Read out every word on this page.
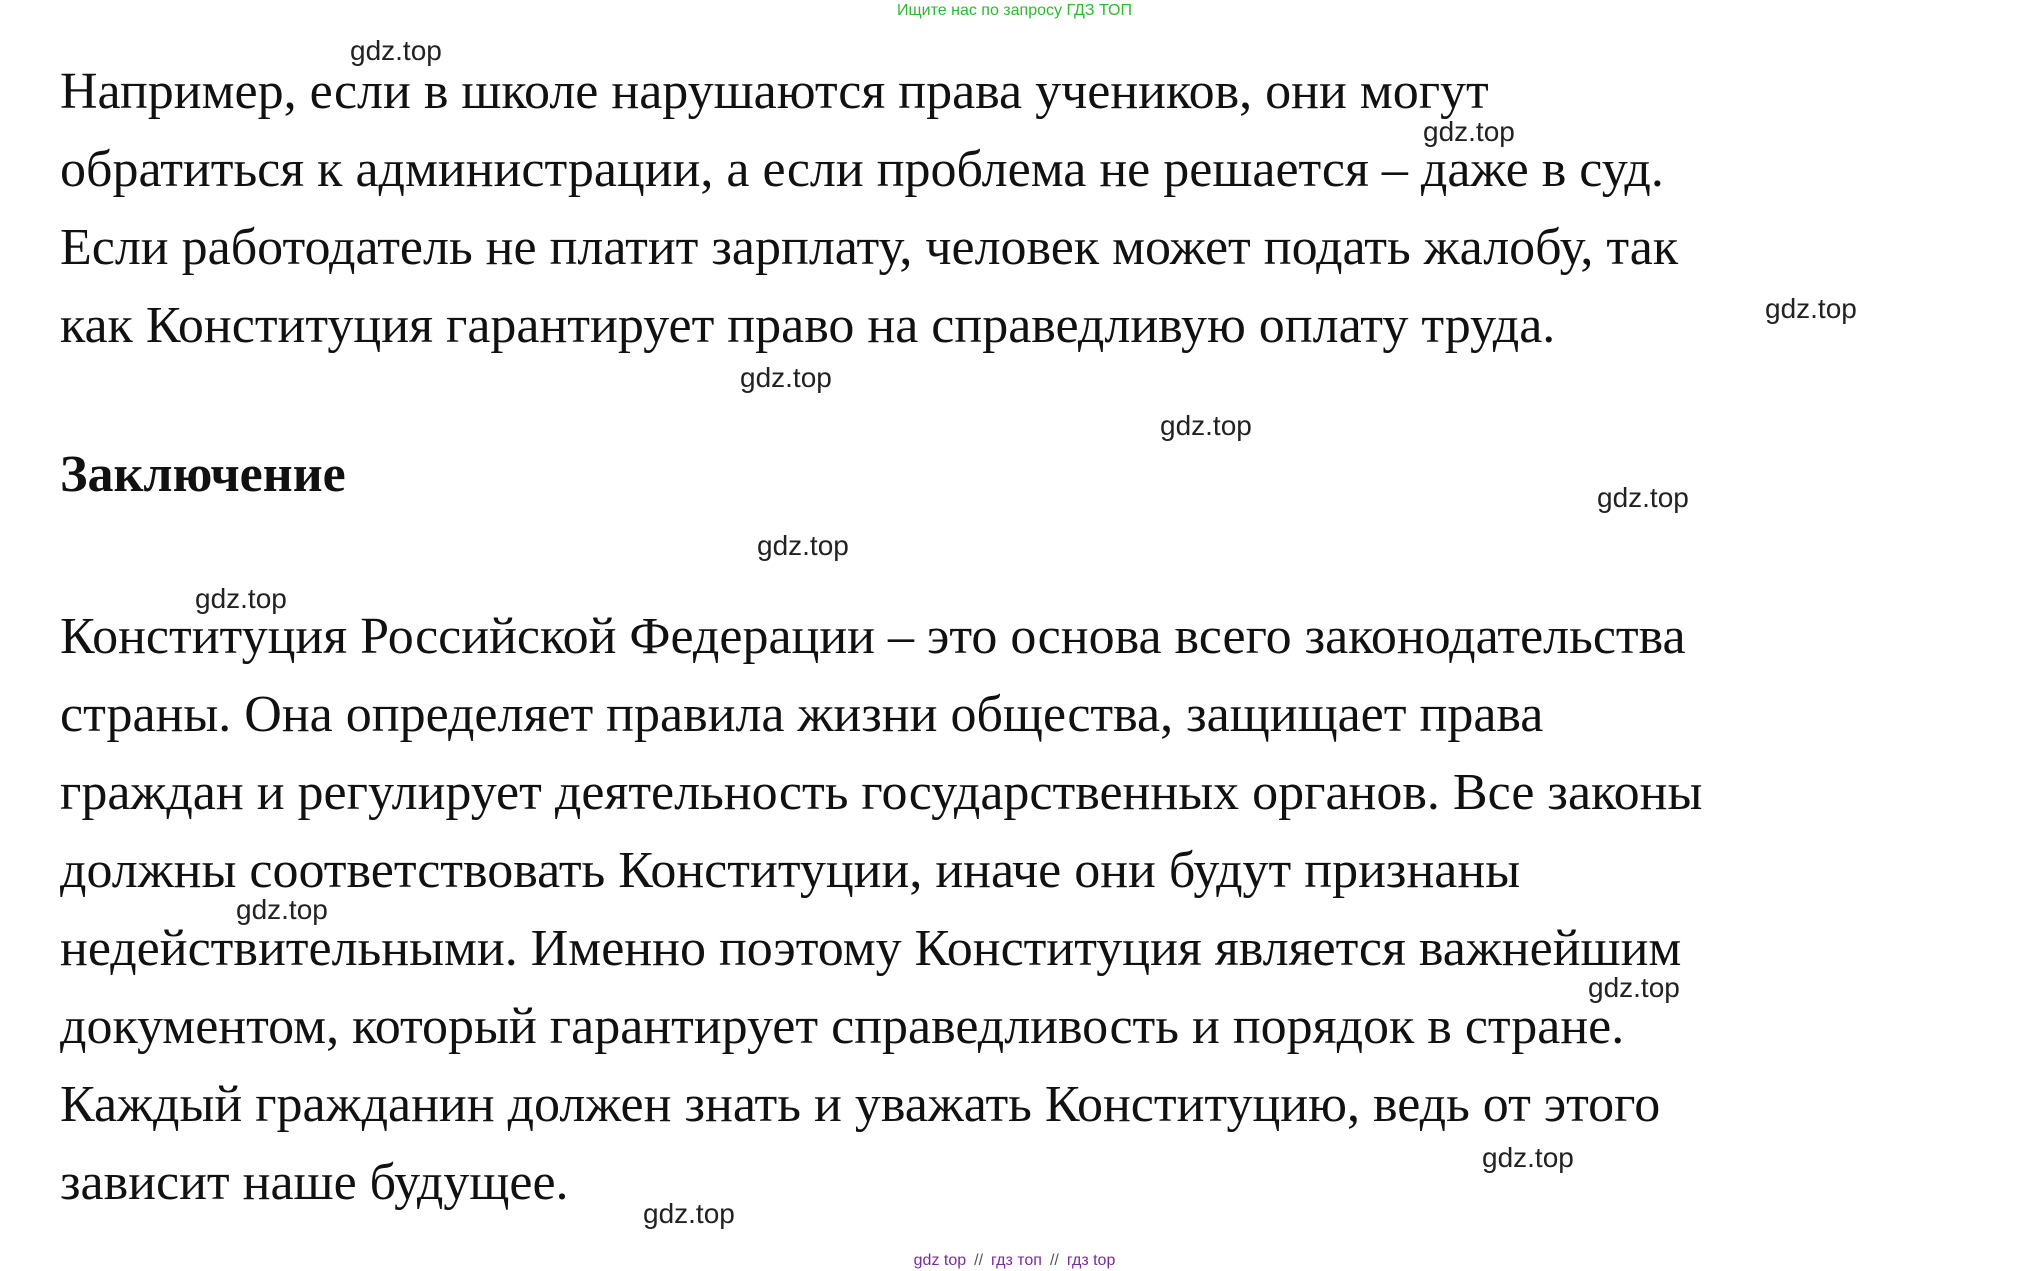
Ищите нас по запросу ГДЗ ТОП
Например, если в школе нарушаются права учеников, они могут
обратиться к администрации, а если проблема не решается – даже в суд.
Если работодатель не платит зарплату, человек может подать жалобу, так
как Конституция гарантирует право на справедливую оплату труда.
Заключение
Конституция Российской Федерации – это основа всего законодательства
страны. Она определяет правила жизни общества, защищает права
граждан и регулирует деятельность государственных органов. Все законы
должны соответствовать Конституции, иначе они будут признаны
недействительными. Именно поэтому Конституция является важнейшим
документом, который гарантирует справедливость и порядок в стране.
Каждый гражданин должен знать и уважать Конституцию, ведь от этого
зависит наше будущее.
gdz.top
gdz.top
gdz.top
gdz.top
gdz.top
gdz.top
gdz.top
gdz.top
gdz.top
gdz.top
gdz.top
gdz.top
gdz top // гдз топ // гдз top
